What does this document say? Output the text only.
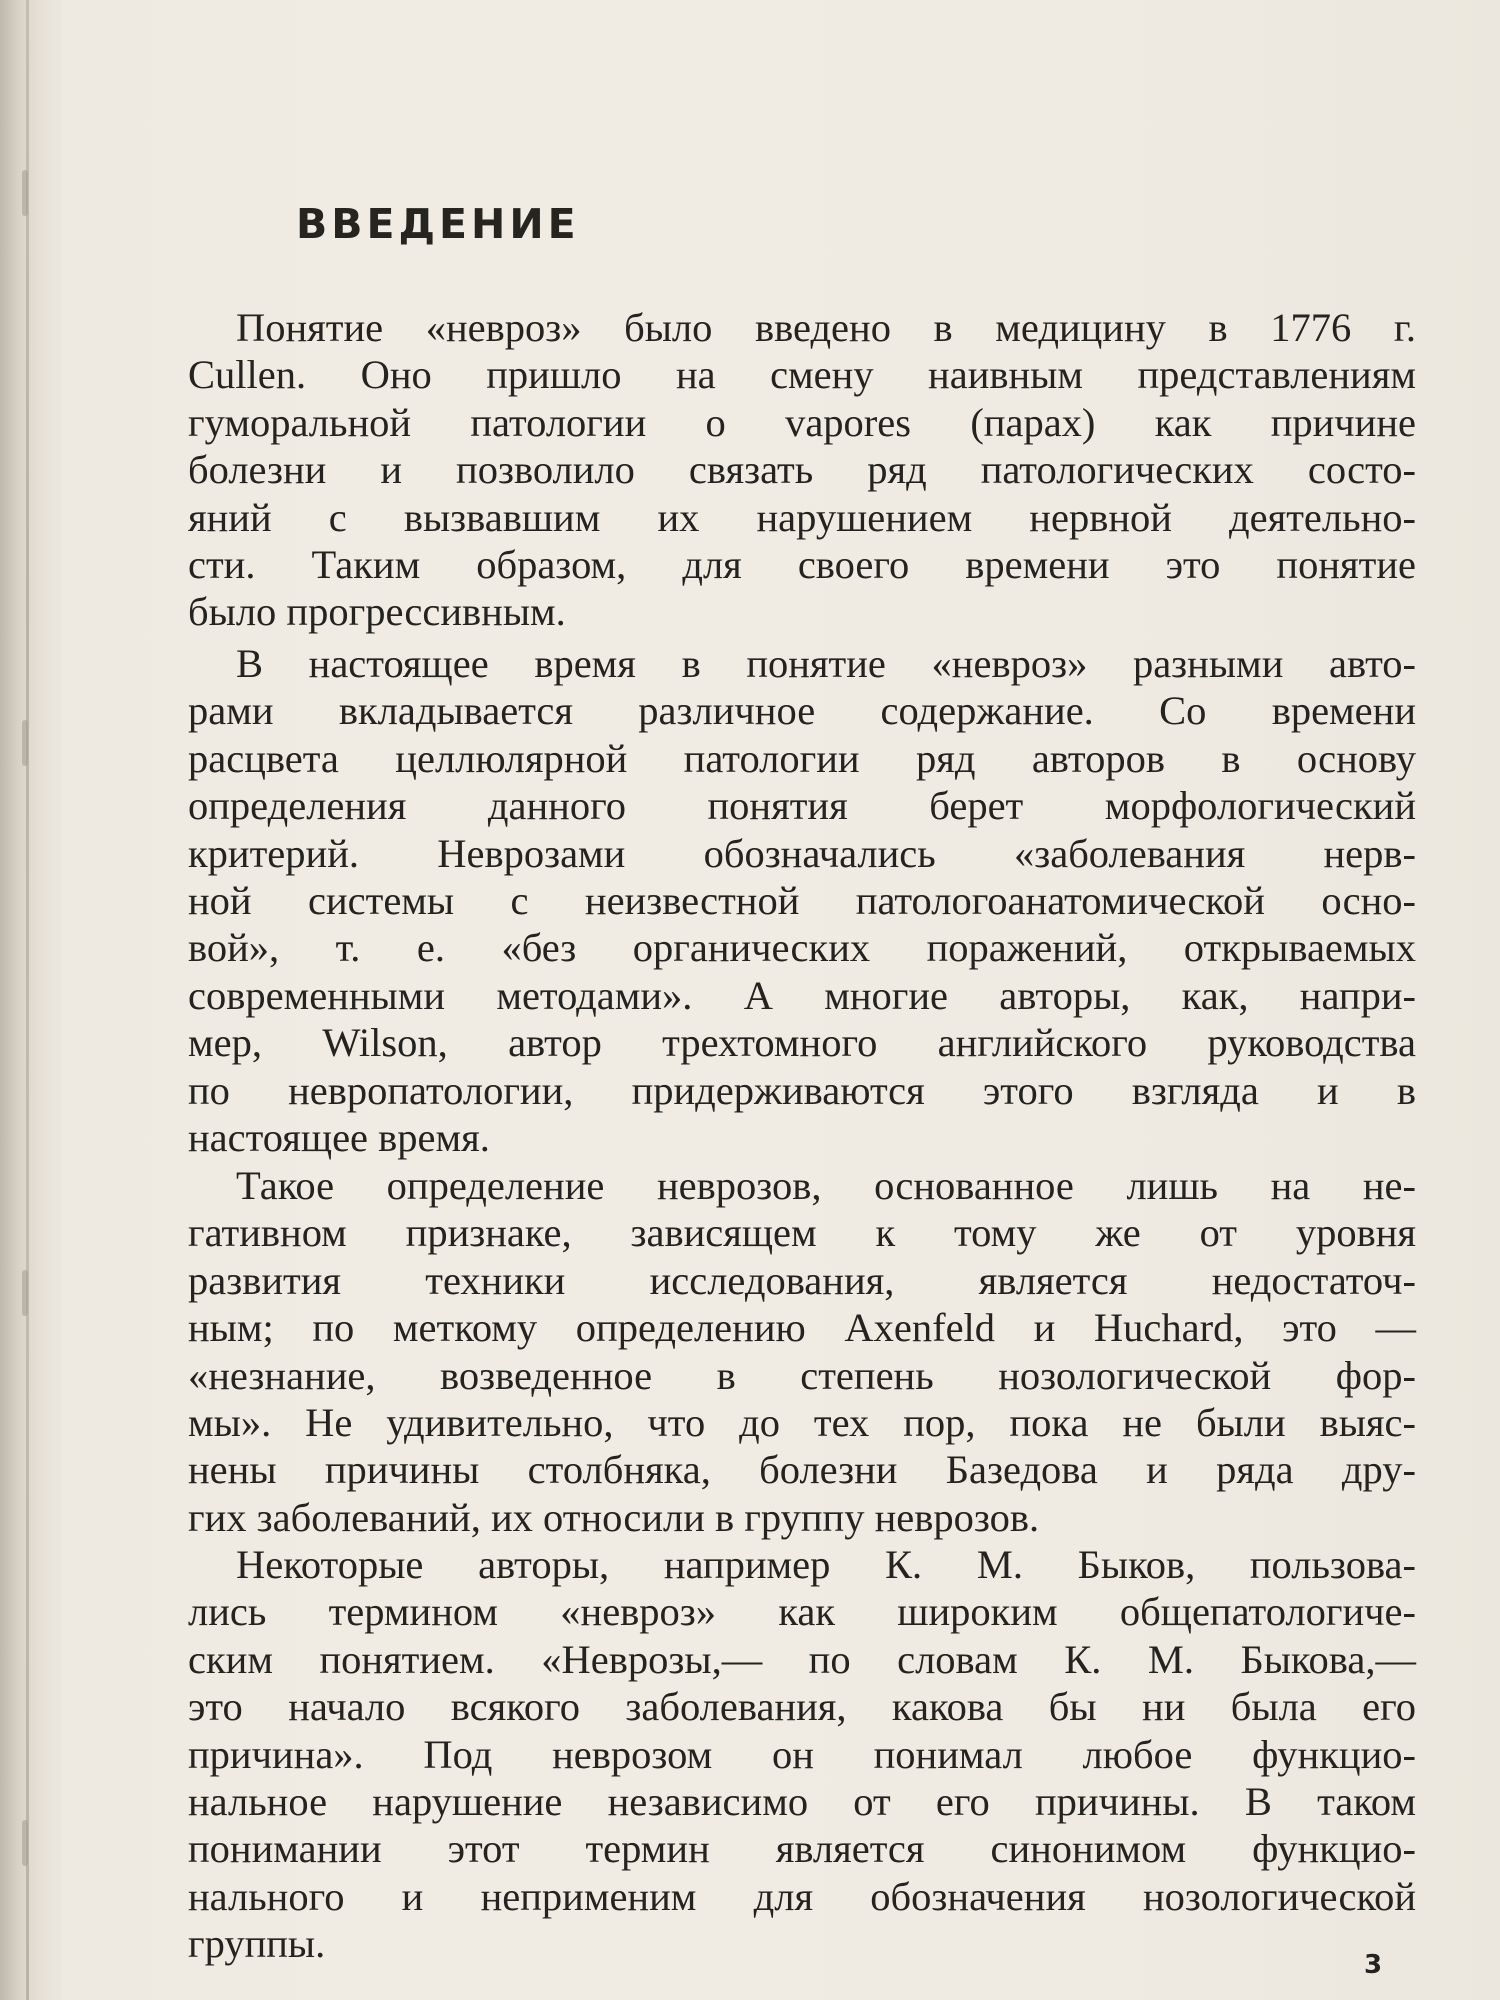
ВВЕДЕНИЕ
Понятие «невроз» было введено в медицину в 1776 г.
Cullen. Оно пришло на смену наивным представлениям
гуморальной патологии о vapores (парах) как причине
болезни и позволило связать ряд патологических состо-
яний с вызвавшим их нарушением нервной деятельно-
сти. Таким образом, для своего времени это понятие
было прогрессивным.
В настоящее время в понятие «невроз» разными авто-
рами вкладывается различное содержание. Со времени
расцвета целлюлярной патологии ряд авторов в основу
определения данного понятия берет морфологический
критерий. Неврозами обозначались «заболевания нерв-
ной системы с неизвестной патологоанатомической осно-
вой», т. е. «без органических поражений, открываемых
современными методами». А многие авторы, как, напри-
мер, Wilson, автор трехтомного английского руководства
по невропатологии, придерживаются этого взгляда и в
настоящее время.
Такое определение неврозов, основанное лишь на не-
гативном признаке, зависящем к тому же от уровня
развития техники исследования, является недостаточ-
ным; по меткому определению Axenfeld и Huchard, это —
«незнание, возведенное в степень нозологической фор-
мы». Не удивительно, что до тех пор, пока не были выяс-
нены причины столбняка, болезни Базедова и ряда дру-
гих заболеваний, их относили в группу неврозов.
Некоторые авторы, например К. М. Быков, пользова-
лись термином «невроз» как широким общепатологиче-
ским понятием. «Неврозы,— по словам К. М. Быкова,—
это начало всякого заболевания, какова бы ни была его
причина». Под неврозом он понимал любое функцио-
нальное нарушение независимо от его причины. В таком
понимании этот термин является синонимом функцио-
нального и неприменим для обозначения нозологической
группы.	3
